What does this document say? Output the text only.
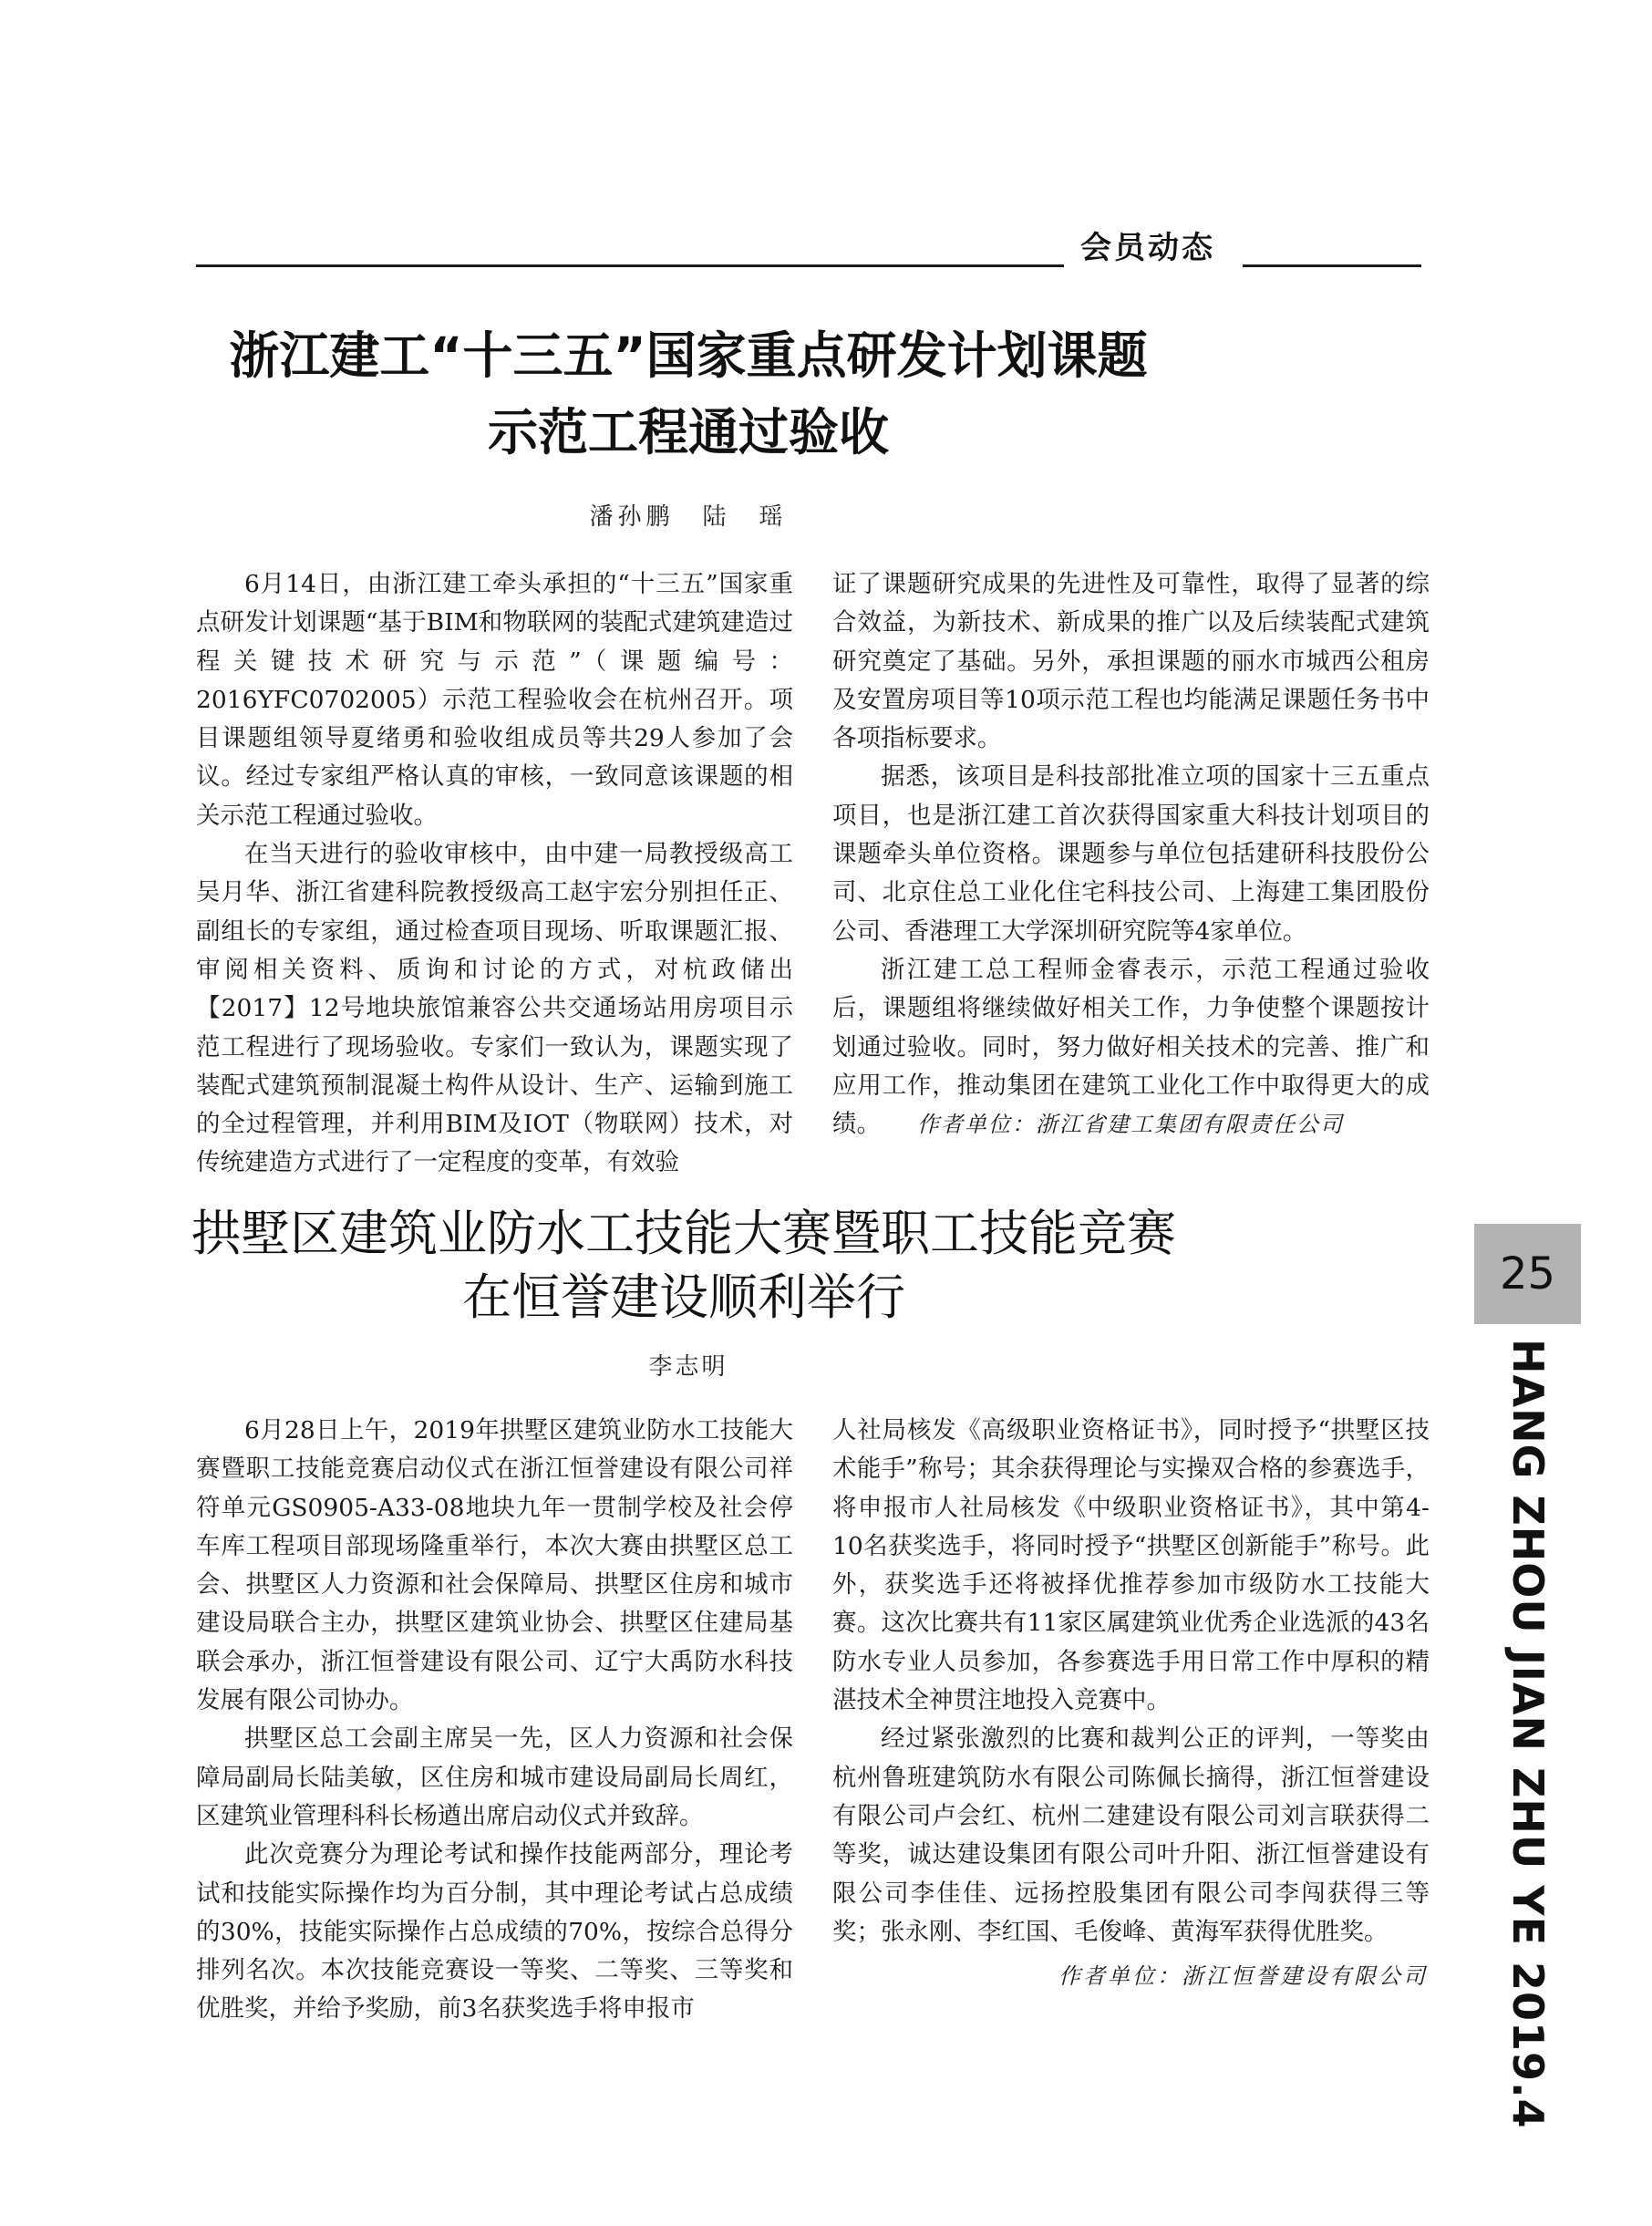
会员动态
浙江建工“十三五”国家重点研发计划课题
示范工程通过验收
潘孙鹏　陆　瑶

6月14日，由浙江建工牵头承担的“十三五”国家重点研发计划课题“基于BIM和物联网的装配式建筑建造过程关键技术研究与示范”（课题编号：2016YFC0702005）示范工程验收会在杭州召开。项目课题组领导夏绪勇和验收组成员等共29人参加了会议。经过专家组严格认真的审核，一致同意该课题的相关示范工程通过验收。

在当天进行的验收审核中，由中建一局教授级高工吴月华、浙江省建科院教授级高工赵宇宏分别担任正、副组长的专家组，通过检查项目现场、听取课题汇报、审阅相关资料、质询和讨论的方式，对杭政储出【2017】12号地块旅馆兼容公共交通场站用房项目示范工程进行了现场验收。专家们一致认为，课题实现了装配式建筑预制混凝土构件从设计、生产、运输到施工的全过程管理，并利用BIM及IOT（物联网）技术，对传统建造方式进行了一定程度的变革，有效验

证了课题研究成果的先进性及可靠性，取得了显著的综合效益，为新技术、新成果的推广以及后续装配式建筑研究奠定了基础。另外，承担课题的丽水市城西公租房及安置房项目等10项示范工程也均能满足课题任务书中各项指标要求。

据悉，该项目是科技部批准立项的国家十三五重点项目，也是浙江建工首次获得国家重大科技计划项目的课题牵头单位资格。课题参与单位包括建研科技股份公司、北京住总工业化住宅科技公司、上海建工集团股份公司、香港理工大学深圳研究院等4家单位。

浙江建工总工程师金睿表示，示范工程通过验收后，课题组将继续做好相关工作，力争使整个课题按计划通过验收。同时，努力做好相关技术的完善、推广和应用工作，推动集团在建筑工业化工作中取得更大的成绩。 作者单位：浙江省建工集团有限责任公司

拱墅区建筑业防水工技能大赛暨职工技能竞赛
在恒誉建设顺利举行
李志明

6月28日上午，2019年拱墅区建筑业防水工技能大赛暨职工技能竞赛启动仪式在浙江恒誉建设有限公司祥符单元GS0905-A33-08地块九年一贯制学校及社会停车库工程项目部现场隆重举行，本次大赛由拱墅区总工会、拱墅区人力资源和社会保障局、拱墅区住房和城市建设局联合主办，拱墅区建筑业协会、拱墅区住建局基联会承办，浙江恒誉建设有限公司、辽宁大禹防水科技发展有限公司协办。

拱墅区总工会副主席吴一先，区人力资源和社会保障局副局长陆美敏，区住房和城市建设局副局长周红，区建筑业管理科科长杨遒出席启动仪式并致辞。

此次竞赛分为理论考试和操作技能两部分，理论考试和技能实际操作均为百分制，其中理论考试占总成绩的30%，技能实际操作占总成绩的70%，按综合总得分排列名次。本次技能竞赛设一等奖、二等奖、三等奖和优胜奖，并给予奖励，前3名获奖选手将申报市

人社局核发《高级职业资格证书》，同时授予“拱墅区技术能手”称号；其余获得理论与实操双合格的参赛选手，将申报市人社局核发《中级职业资格证书》，其中第4-10名获奖选手，将同时授予“拱墅区创新能手”称号。此外，获奖选手还将被择优推荐参加市级防水工技能大赛。这次比赛共有11家区属建筑业优秀企业选派的43名防水专业人员参加，各参赛选手用日常工作中厚积的精湛技术全神贯注地投入竞赛中。

经过紧张激烈的比赛和裁判公正的评判，一等奖由杭州鲁班建筑防水有限公司陈佩长摘得，浙江恒誉建设有限公司卢会红、杭州二建建设有限公司刘言联获得二等奖，诚达建设集团有限公司叶升阳、浙江恒誉建设有限公司李佳佳、远扬控股集团有限公司李闯获得三等奖；张永刚、李红国、毛俊峰、黄海军获得优胜奖。

作者单位：浙江恒誉建设有限公司
25
HANG ZHOU JIAN ZHU YE 2019.4
